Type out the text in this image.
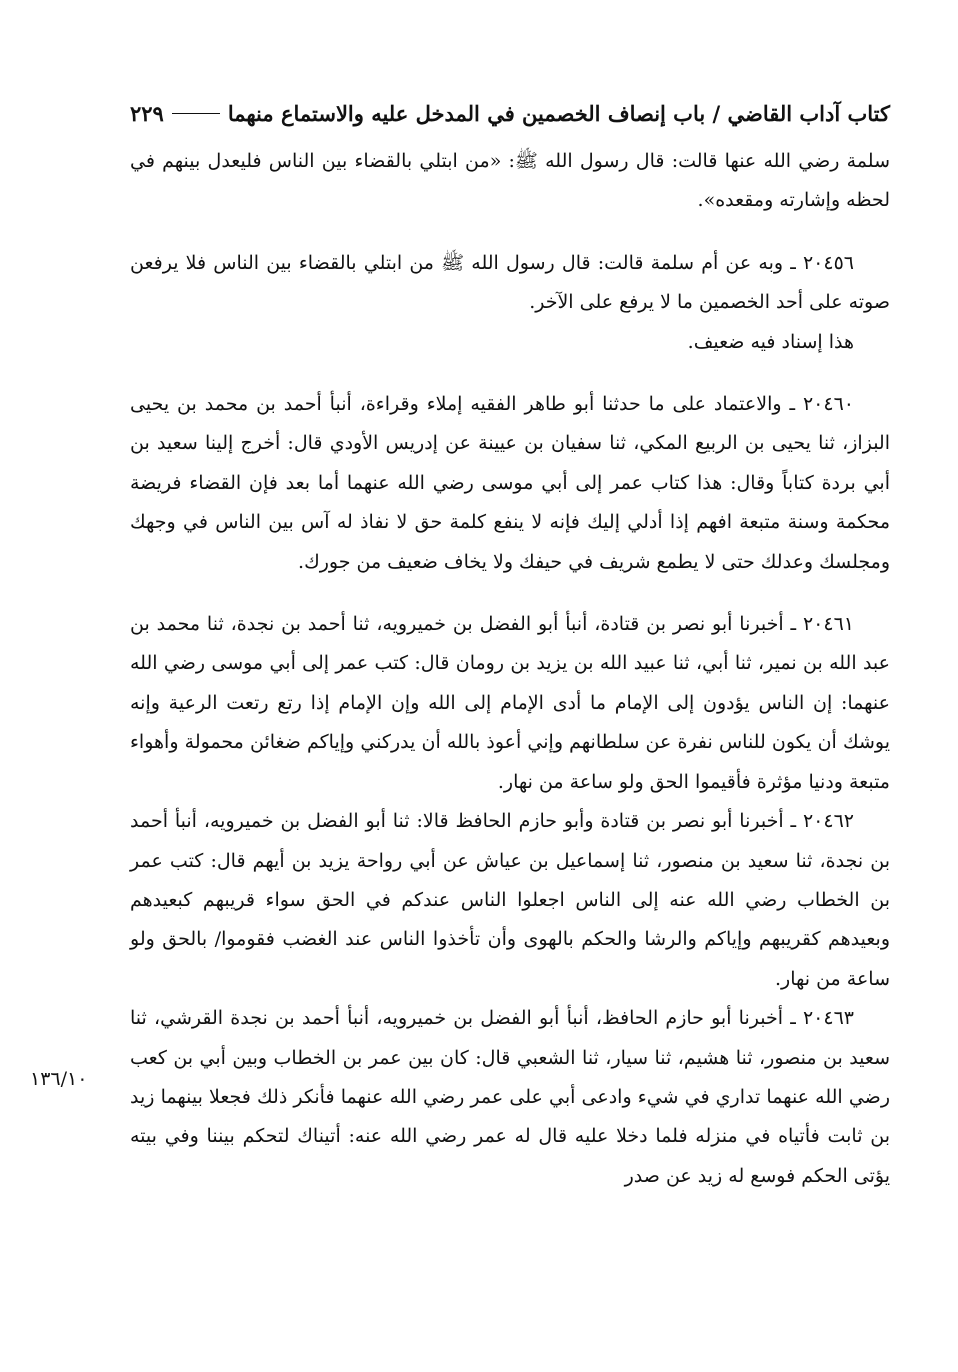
كتاب آداب القاضي / باب إنصاف الخصمين في المدخل عليه والاستماع منهما
٢٢٩

سلمة رضي الله عنها قالت: قال رسول الله ﷺ: «من ابتلي بالقضاء بين الناس فليعدل بينهم في لحظه وإشارته ومقعده».

٢٠٤٥٦ ـ وبه عن أم سلمة قالت: قال رسول الله ﷺ من ابتلي بالقضاء بين الناس فلا يرفعن صوته على أحد الخصمين ما لا يرفع على الآخر.

هذا إسناد فيه ضعيف.

٢٠٤٦٠ ـ والاعتماد على ما حدثنا أبو طاهر الفقيه إملاء وقراءة، أنبأ أحمد بن محمد بن يحيى البزاز، ثنا يحيى بن الربيع المكي، ثنا سفيان بن عيينة عن إدريس الأودي قال: أخرج إلينا سعيد بن أبي بردة كتاباً وقال: هذا كتاب عمر إلى أبي موسى رضي الله عنهما أما بعد فإن القضاء فريضة محكمة وسنة متبعة افهم إذا أدلي إليك فإنه لا ينفع كلمة حق لا نفاذ له آس بين الناس في وجهك ومجلسك وعدلك حتى لا يطمع شريف في حيفك ولا يخاف ضعيف من جورك.

٢٠٤٦١ ـ أخبرنا أبو نصر بن قتادة، أنبأ أبو الفضل بن خميرويه، ثنا أحمد بن نجدة، ثنا محمد بن عبد الله بن نمير، ثنا أبي، ثنا عبيد الله بن يزيد بن رومان قال: كتب عمر إلى أبي موسى رضي الله عنهما: إن الناس يؤدون إلى الإمام ما أدى الإمام إلى الله وإن الإمام إذا رتع رتعت الرعية وإنه يوشك أن يكون للناس نفرة عن سلطانهم وإني أعوذ بالله أن يدركني وإياكم ضغائن محمولة وأهواء متبعة ودنيا مؤثرة فأقيموا الحق ولو ساعة من نهار.

٢٠٤٦٢ ـ أخبرنا أبو نصر بن قتادة وأبو حازم الحافظ قالا: ثنا أبو الفضل بن خميرويه، أنبأ أحمد بن نجدة، ثنا سعيد بن منصور، ثنا إسماعيل بن عياش عن أبي رواحة يزيد بن أيهم قال: كتب عمر بن الخطاب رضي الله عنه إلى الناس اجعلوا الناس عندكم في الحق سواء قريبهم كبعيدهم وبعيدهم كقريبهم وإياكم والرشا والحكم بالهوى وأن تأخذوا الناس عند الغضب فقوموا/ بالحق ولو ساعة من نهار.

٢٠٤٦٣ ـ أخبرنا أبو حازم الحافظ، أنبأ أبو الفضل بن خميرويه، أنبأ أحمد بن نجدة القرشي، ثنا سعيد بن منصور، ثنا هشيم، ثنا سيار، ثنا الشعبي قال: كان بين عمر بن الخطاب وبين أبي بن كعب رضي الله عنهما تداري في شيء وادعى أبي على عمر رضي الله عنهما فأنكر ذلك فجعلا بينهما زيد بن ثابت فأتياه في منزله فلما دخلا عليه قال له عمر رضي الله عنه: أتيناك لتحكم بيننا وفي بيته يؤتى الحكم فوسع له زيد عن صدر

١٣٦/١٠
